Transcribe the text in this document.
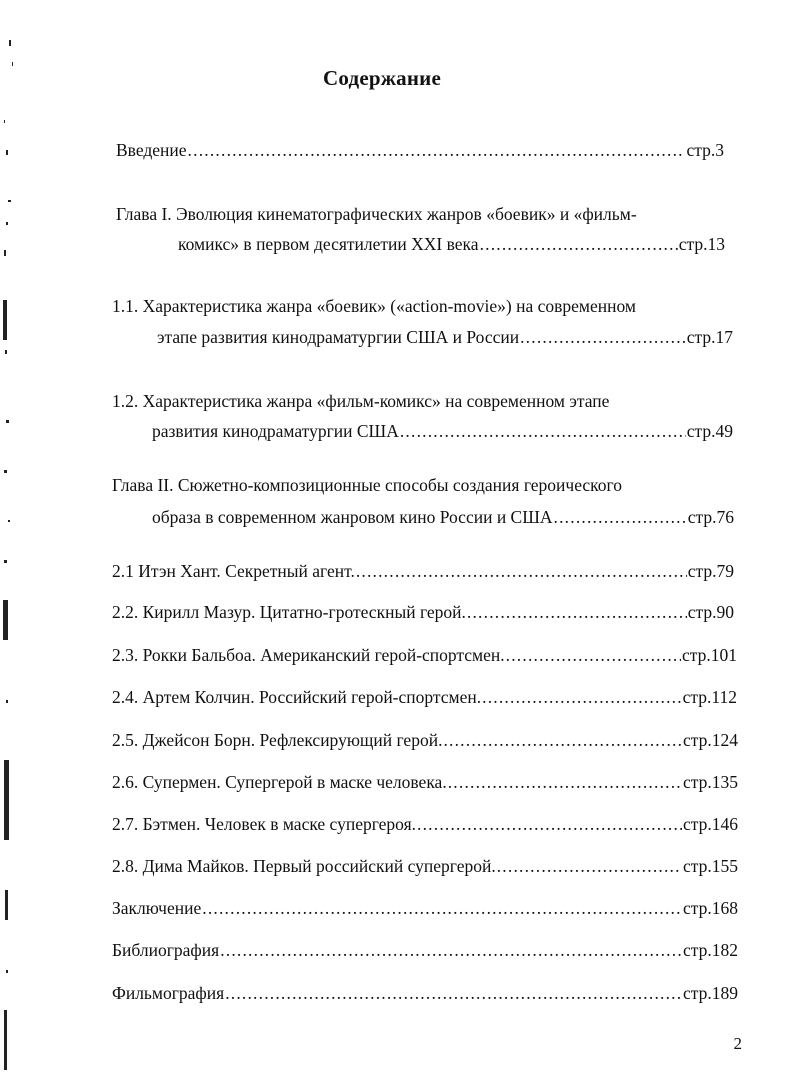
Содержание
Введение .....	стр.3
Глава I. Эволюция кинематографических жанров «боевик» и «фильм-
комикс» в первом десятилетии XXI века .....	стр.13
1.1. Характеристика жанра «боевик» («action-movie») на современном
этапе развития кинодраматургии США и России .....	стр.17
1.2. Характеристика жанра «фильм-комикс» на современном этапе
развития кинодраматургии США .....	стр.49
Глава II. Сюжетно-композиционные способы создания героического
образа в современном жанровом кино России и США .....	стр.76
2.1 Итэн Хант. Секретный агент. .....	стр.79
2.2. Кирилл Мазур. Цитатно-гротескный герой. .....	стр.90
2.3. Рокки Бальбоа. Американский герой-спортсмен. .....	стр.101
2.4. Артем Колчин. Российский герой-спортсмен. .....	стр.112
2.5. Джейсон Борн. Рефлексирующий герой. .....	стр.124
2.6. Супермен. Супергерой в маске человека. .....	стр.135
2.7. Бэтмен. Человек в маске супергероя. .....	стр.146
2.8. Дима Майков. Первый российский супергерой. .....	стр.155
Заключение .....	стр.168
Библиография .....	стр.182
Фильмография .....	стр.189
2
